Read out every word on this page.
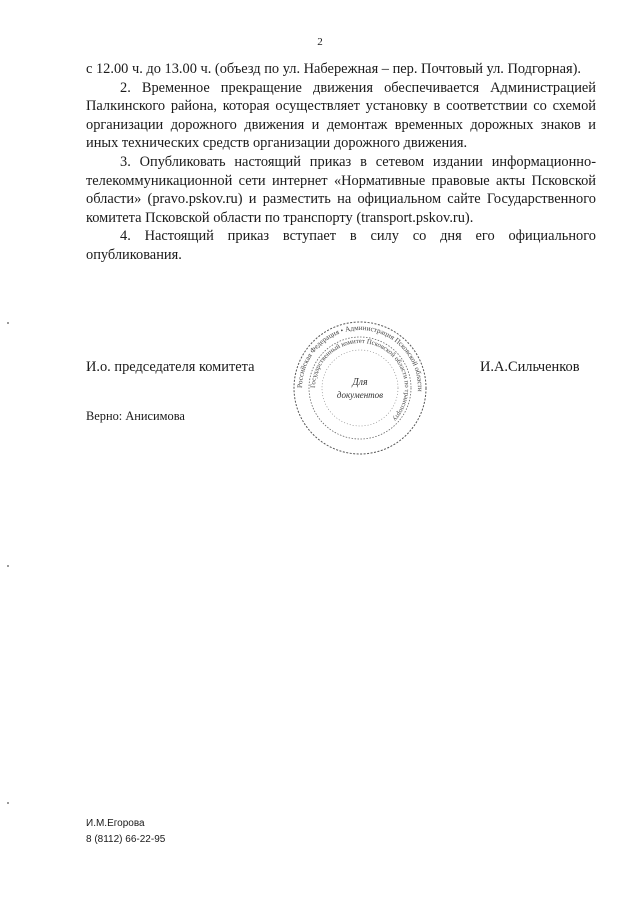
2

с 12.00 ч. до 13.00 ч. (объезд по ул. Набережная – пер. Почтовый ул. Подгорная).

2. Временное прекращение движения обеспечивается Администрацией Палкинского района, которая осуществляет установку в соответствии со схемой организации дорожного движения и демонтаж временных дорожных знаков и иных технических средств организации дорожного движения.

3. Опубликовать настоящий приказ в сетевом издании информационно-телекоммуникационной сети интернет «Нормативные правовые акты Псковской области» (pravo.pskov.ru) и разместить на официальном сайте Государственного комитета Псковской области по транспорту (transport.pskov.ru).

4. Настоящий приказ вступает в силу со дня его официального опубликования.

И.о. председателя комитета	И.А.Сильченков
Российская Федерация • Администрация Псковской области
Государственный комитет Псковской области по транспорту
Для
документов
Верно: Анисимова
И.М.Егорова
8 (8112) 66-22-95
